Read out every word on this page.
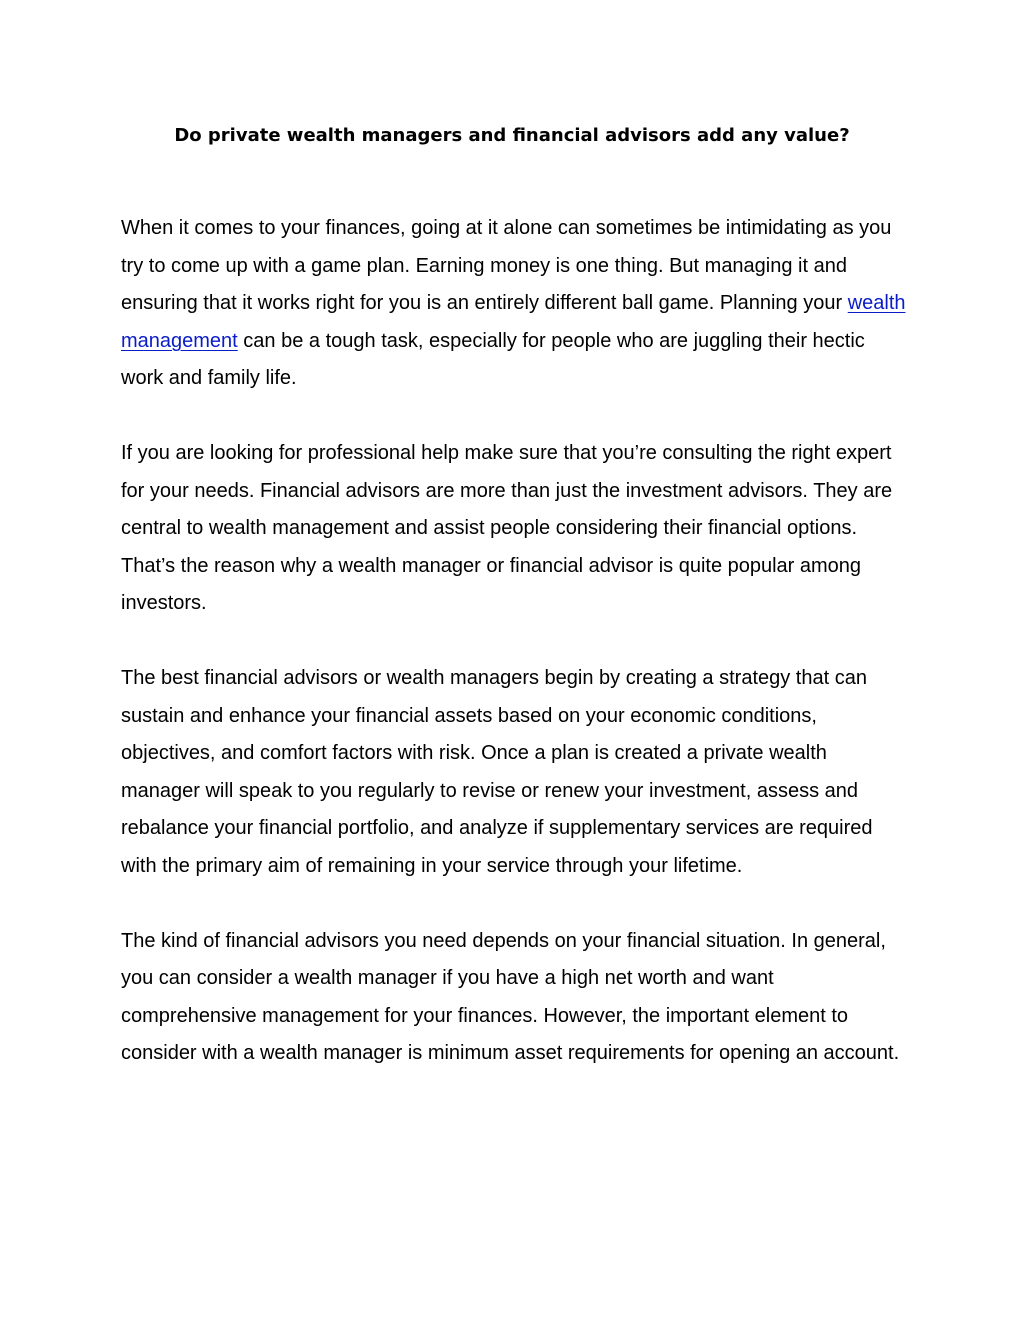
Do private wealth managers and financial advisors add any value?

When it comes to your finances, going at it alone can sometimes be intimidating as you try to come up with a game plan. Earning money is one thing. But managing it and ensuring that it works right for you is an entirely different ball game. Planning your wealth management can be a tough task, especially for people who are juggling their hectic work and family life.

If you are looking for professional help make sure that you’re consulting the right expert for your needs. Financial advisors are more than just the investment advisors. They are central to wealth management and assist people considering their financial options. That’s the reason why a wealth manager or financial advisor is quite popular among investors.

The best financial advisors or wealth managers begin by creating a strategy that can sustain and enhance your financial assets based on your economic conditions, objectives, and comfort factors with risk. Once a plan is created a private wealth manager will speak to you regularly to revise or renew your investment, assess and rebalance your financial portfolio, and analyze if supplementary services are required with the primary aim of remaining in your service through your lifetime.

The kind of financial advisors you need depends on your financial situation. In general, you can consider a wealth manager if you have a high net worth and want comprehensive management for your finances. However, the important element to consider with a wealth manager is minimum asset requirements for opening an account.
